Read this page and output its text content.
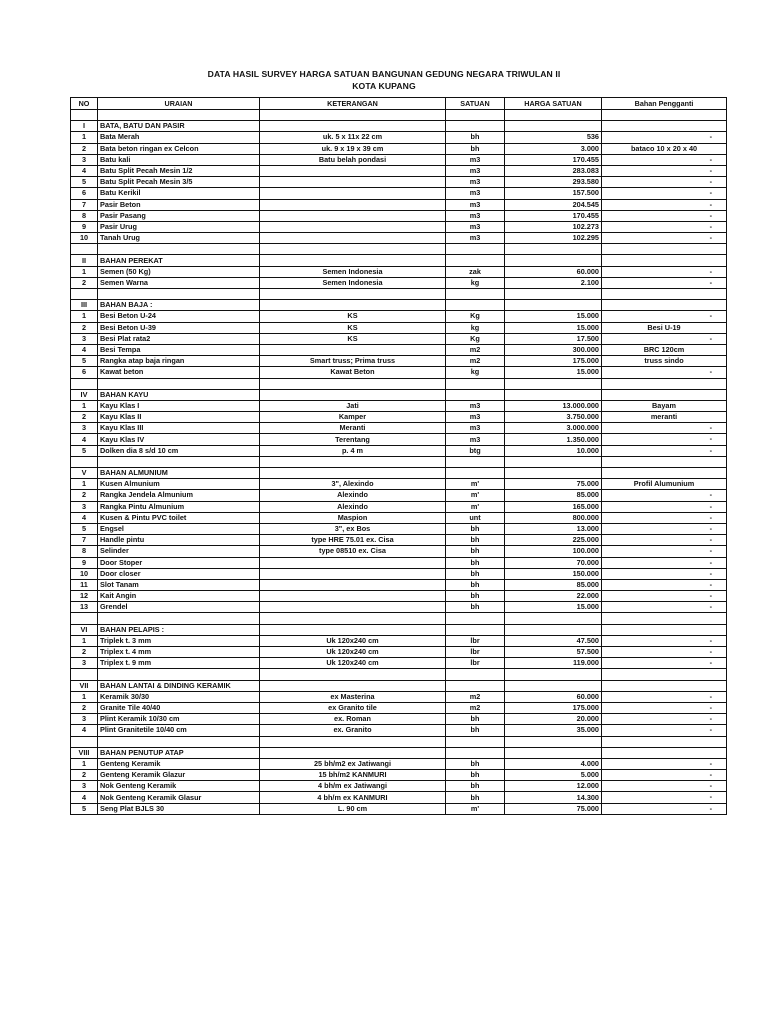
DATA HASIL SURVEY HARGA SATUAN BANGUNAN GEDUNG NEGARA TRIWULAN II
KOTA KUPANG
NO	URAIAN	KETERANGAN	SATUAN	HARGA SATUAN	Bahan Pengganti

I	BATA, BATU DAN PASIR				
1	Bata Merah	uk. 5 x 11x 22 cm	bh	536	-

2	Bata beton ringan ex Celcon	uk. 9 x 19 x 39 cm	bh	3.000	bataco 10 x 20 x 40

3	Batu kali	Batu belah pondasi	m3	170.455	-

4	Batu Split Pecah Mesin 1/2		m3	283.083	-

5	Batu Split Pecah Mesin 3/5		m3	293.580	-

6	Batu Kerikil		m3	157.500	-

7	Pasir Beton		m3	204.545	-

8	Pasir Pasang		m3	170.455	-

9	Pasir Urug		m3	102.273	-

10	Tanah Urug		m3	102.295	-

II	BAHAN PEREKAT				
1	Semen (50 Kg)	Semen Indonesia	zak	60.000	-

2	Semen Warna	Semen Indonesia	kg	2.100	-

III	BAHAN BAJA :				
1	Besi Beton U-24	KS	Kg	15.000	-

2	Besi Beton U-39	KS	kg	15.000	Besi U-19

3	Besi Plat rata2	KS	Kg	17.500	-

4	Besi Tempa		m2	300.000	BRC 120cm

5	Rangka atap baja ringan	Smart truss; Prima truss	m2	175.000	truss sindo

6	Kawat beton	Kawat Beton	kg	15.000	-

IV	BAHAN KAYU				
1	Kayu Klas I	Jati	m3	13.000.000	Bayam

2	Kayu Klas II	Kamper	m3	3.750.000	meranti

3	Kayu Klas III	Meranti	m3	3.000.000	-

4	Kayu Klas IV	Terentang	m3	1.350.000	-

5	Dolken dia 8 s/d 10 cm	p. 4 m	btg	10.000	-

V	BAHAN ALMUNIUM				
1	Kusen Almunium	3", Alexindo	m'	75.000	Profil Alumunium

2	Rangka Jendela Almunium	Alexindo	m'	85.000	-

3	Rangka Pintu Almunium	Alexindo	m'	165.000	-

4	Kusen & Pintu PVC toilet	Maspion	unt	800.000	-

5	Engsel	3", ex Bos	bh	13.000	-

7	Handle pintu	type HRE 75.01 ex. Cisa	bh	225.000	-

8	Selinder	type 08510 ex. Cisa	bh	100.000	-

9	Door Stoper		bh	70.000	-

10	Door closer		bh	150.000	-

11	Slot Tanam		bh	85.000	-

12	Kait Angin		bh	22.000	-

13	Grendel		bh	15.000	-

VI	BAHAN PELAPIS :				
1	Triplek t. 3 mm	Uk 120x240 cm	lbr	47.500	-

2	Triplex t. 4 mm	Uk 120x240 cm	lbr	57.500	-

3	Triplex t. 9 mm	Uk 120x240 cm	lbr	119.000	-

VII	BAHAN LANTAI & DINDING KERAMIK				
1	Keramik 30/30	ex Masterina	m2	60.000	-

2	Granite Tile 40/40	ex Granito tile	m2	175.000	-

3	Plint Keramik 10/30 cm	ex. Roman	bh	20.000	-

4	Plint Granitetile 10/40 cm	ex. Granito	bh	35.000	-

VIII	BAHAN PENUTUP ATAP				
1	Genteng Keramik	25 bh/m2 ex Jatiwangi	bh	4.000	-

2	Genteng Keramik Glazur	15 bh/m2 KANMURI	bh	5.000	-

3	Nok Genteng Keramik	4 bh/m ex Jatiwangi	bh	12.000	-

4	Nok Genteng Keramik Glasur	4 bh/m ex KANMURI	bh	14.300	-

5	Seng Plat BJLS 30	L. 90 cm	m'	75.000	-
